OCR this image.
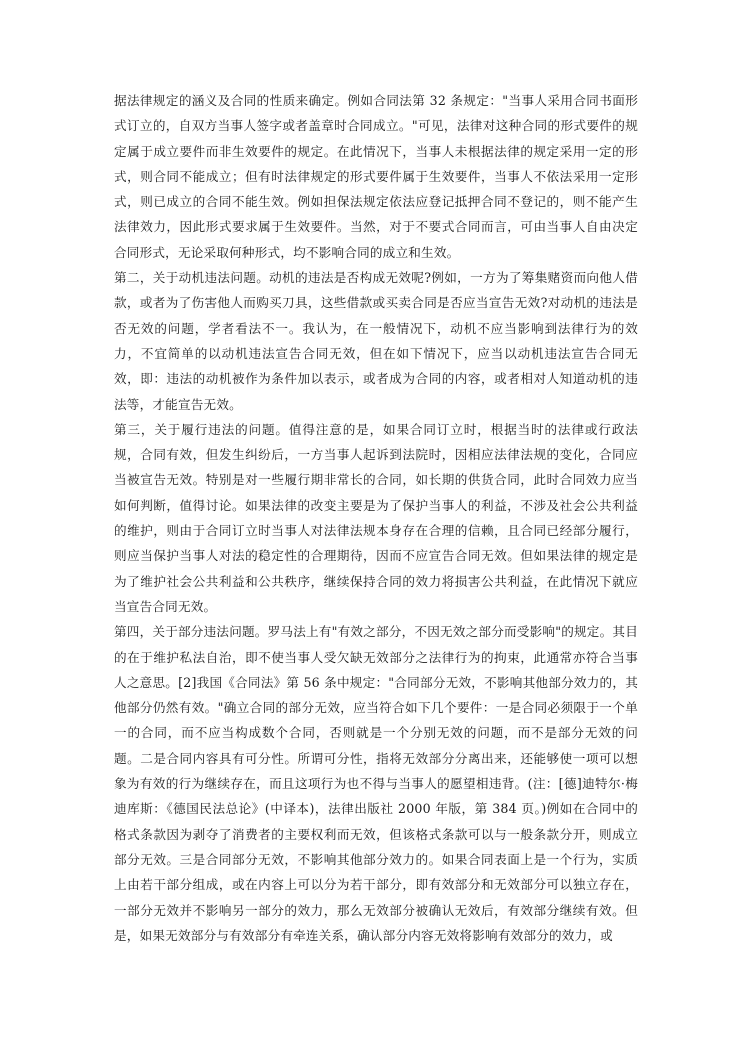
据法律规定的涵义及合同的性质来确定。例如合同法第 32 条规定："当事人采用合同书面形式订立的，自双方当事人签字或者盖章时合同成立。"可见，法律对这种合同的形式要件的规定属于成立要件而非生效要件的规定。在此情况下，当事人未根据法律的规定采用一定的形式，则合同不能成立；但有时法律规定的形式要件属于生效要件，当事人不依法采用一定形式，则已成立的合同不能生效。例如担保法规定依法应登记抵押合同不登记的，则不能产生法律效力，因此形式要求属于生效要件。当然，对于不要式合同而言，可由当事人自由决定合同形式，无论采取何种形式，均不影响合同的成立和生效。

第二，关于动机违法问题。动机的违法是否构成无效呢?例如，一方为了筹集赌资而向他人借款，或者为了伤害他人而购买刀具，这些借款或买卖合同是否应当宣告无效?对动机的违法是否无效的问题，学者看法不一。我认为，在一般情况下，动机不应当影响到法律行为的效力，不宜简单的以动机违法宣告合同无效，但在如下情况下，应当以动机违法宣告合同无效，即：违法的动机被作为条件加以表示，或者成为合同的内容，或者相对人知道动机的违法等，才能宣告无效。

第三，关于履行违法的问题。值得注意的是，如果合同订立时，根据当时的法律或行政法规，合同有效，但发生纠纷后，一方当事人起诉到法院时，因相应法律法规的变化，合同应当被宣告无效。特别是对一些履行期非常长的合同，如长期的供货合同，此时合同效力应当如何判断，值得讨论。如果法律的改变主要是为了保护当事人的利益，不涉及社会公共利益的维护，则由于合同订立时当事人对法律法规本身存在合理的信赖，且合同已经部分履行，则应当保护当事人对法的稳定性的合理期待，因而不应宣告合同无效。但如果法律的规定是为了维护社会公共利益和公共秩序，继续保持合同的效力将损害公共利益，在此情况下就应当宣告合同无效。

第四，关于部分违法问题。罗马法上有"有效之部分，不因无效之部分而受影响"的规定。其目的在于维护私法自治，即不使当事人受欠缺无效部分之法律行为的拘束，此通常亦符合当事人之意思。[2]我国《合同法》第 56 条中规定："合同部分无效，不影响其他部分效力的，其他部分仍然有效。"确立合同的部分无效，应当符合如下几个要件：一是合同必须限于一个单一的合同，而不应当构成数个合同，否则就是一个分别无效的问题，而不是部分无效的问题。二是合同内容具有可分性。所谓可分性，指将无效部分分离出来，还能够使一项可以想象为有效的行为继续存在，而且这项行为也不得与当事人的愿望相违背。(注：[德]迪特尔·梅迪库斯：《德国民法总论》(中译本)，法律出版社 2000 年版，第 384 页。)例如在合同中的格式条款因为剥夺了消费者的主要权利而无效，但该格式条款可以与一般条款分开，则成立部分无效。三是合同部分无效，不影响其他部分效力的。如果合同表面上是一个行为，实质上由若干部分组成，或在内容上可以分为若干部分，即有效部分和无效部分可以独立存在，一部分无效并不影响另一部分的效力，那么无效部分被确认无效后，有效部分继续有效。但是，如果无效部分与有效部分有牵连关系，确认部分内容无效将影响有效部分的效力，或
